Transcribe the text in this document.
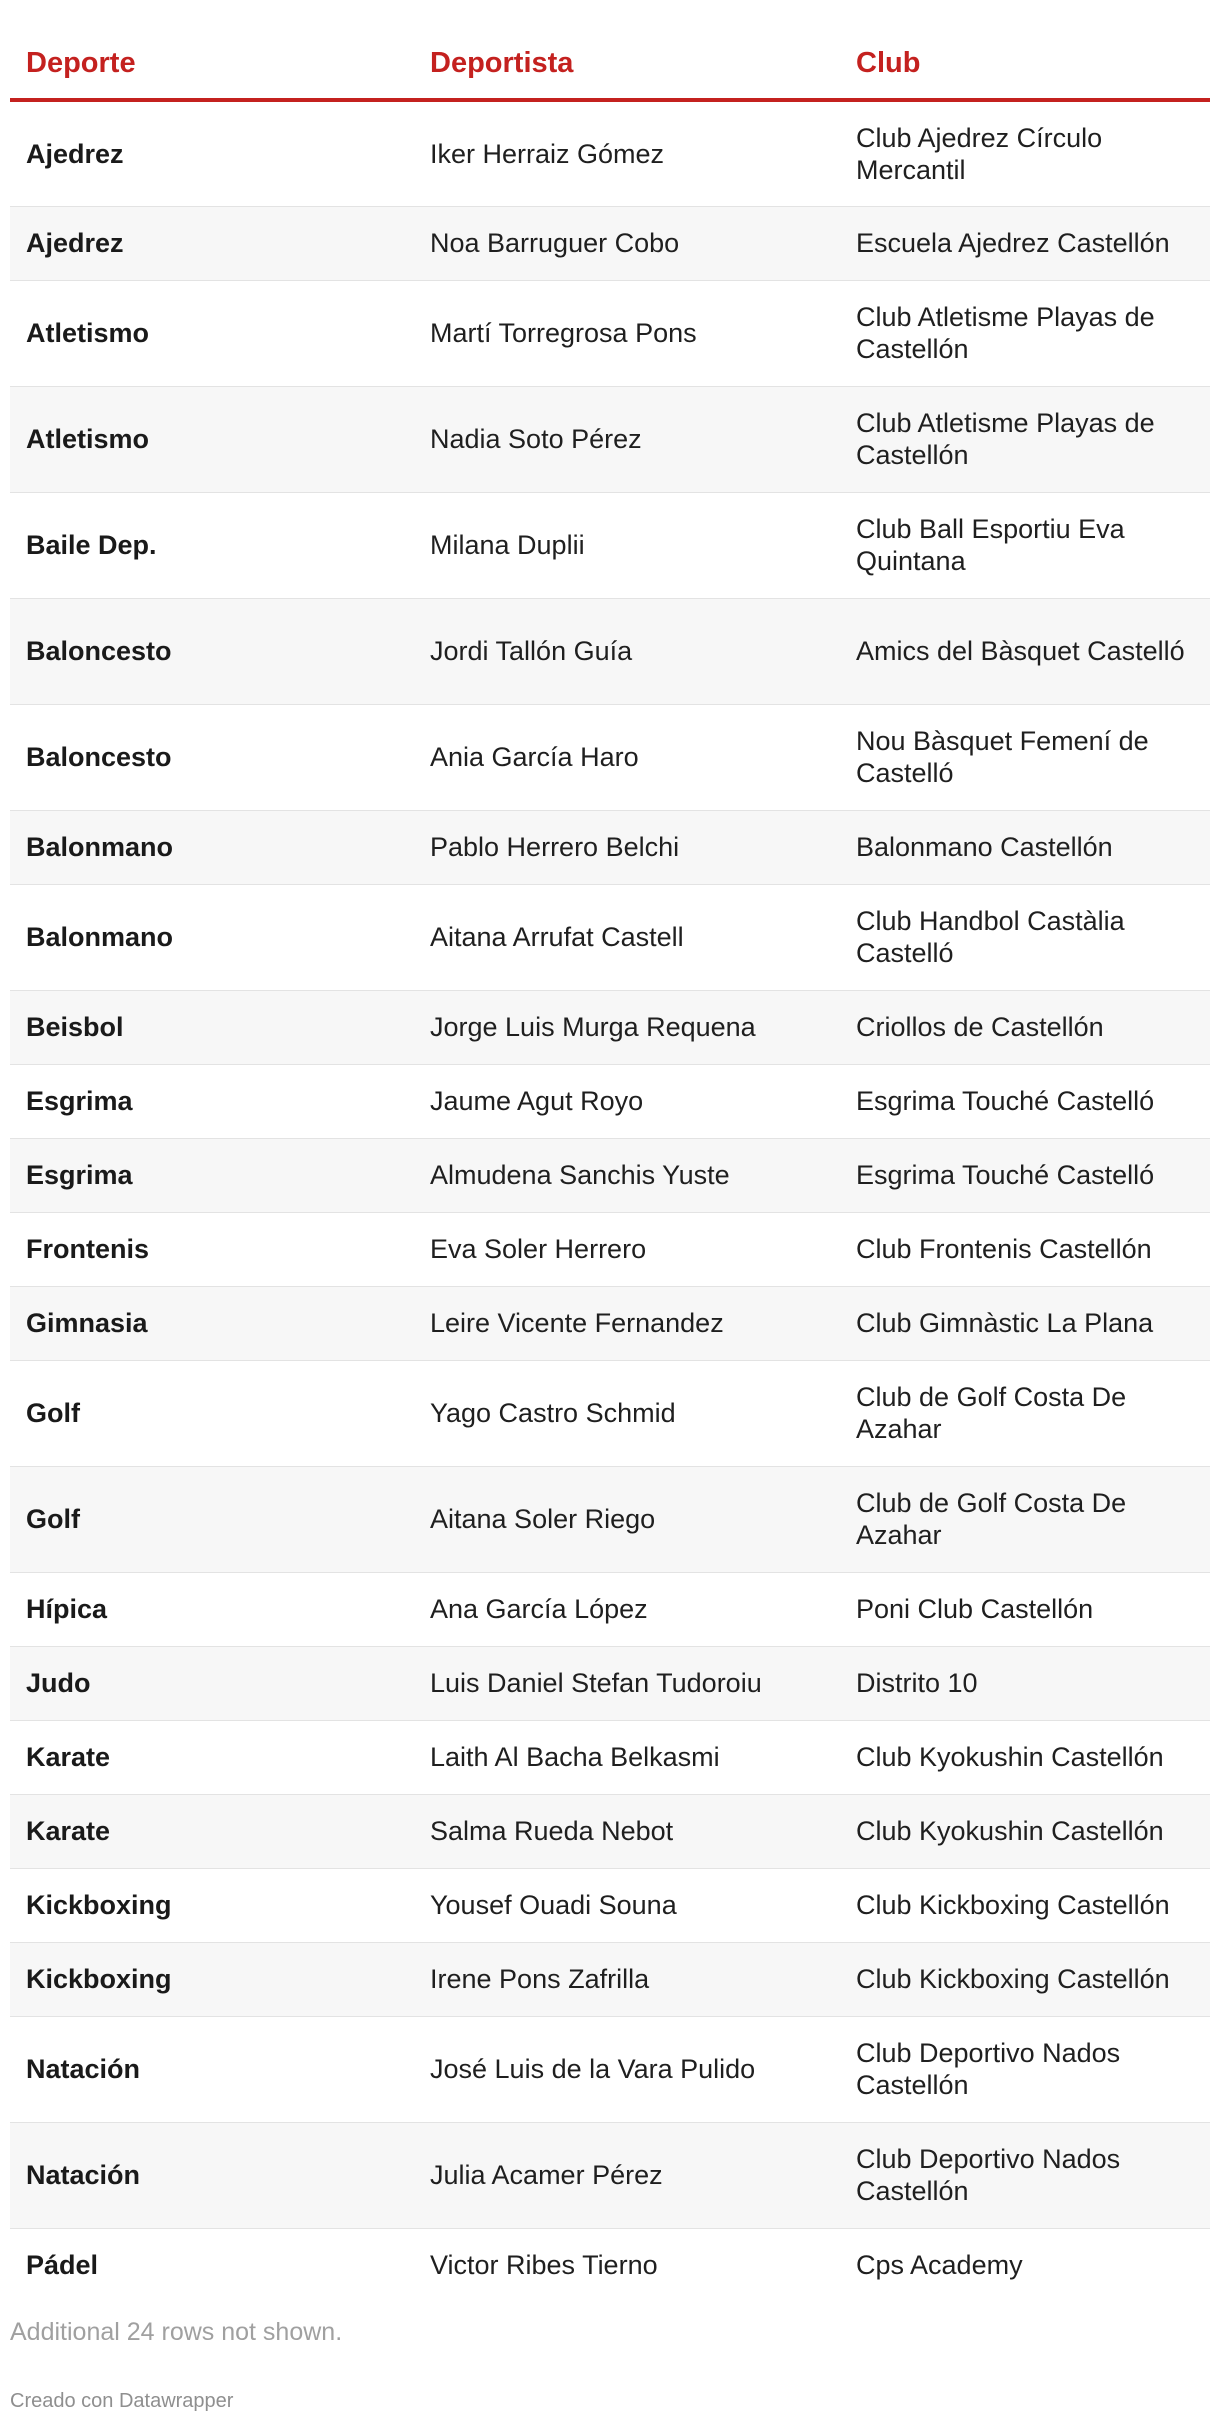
Deporte	Deportista	Club
Ajedrez	Iker Herraiz Gómez	Club Ajedrez Círculo Mercantil
Ajedrez	Noa Barruguer Cobo	Escuela Ajedrez Castellón
Atletismo	Martí Torregrosa Pons	Club Atletisme Playas de Castellón
Atletismo	Nadia Soto Pérez	Club Atletisme Playas de Castellón
Baile Dep.	Milana Duplii	Club Ball Esportiu Eva Quintana
Baloncesto	Jordi Tallón Guía	Amics del Bàsquet Castelló
Baloncesto	Ania García Haro	Nou Bàsquet Femení de Castelló
Balonmano	Pablo Herrero Belchi	Balonmano Castellón
Balonmano	Aitana Arrufat Castell	Club Handbol Castàlia Castelló
Beisbol	Jorge Luis Murga Requena	Criollos de Castellón
Esgrima	Jaume Agut Royo	Esgrima Touché Castelló
Esgrima	Almudena Sanchis Yuste	Esgrima Touché Castelló
Frontenis	Eva Soler Herrero	Club Frontenis Castellón
Gimnasia	Leire Vicente Fernandez	Club Gimnàstic La Plana
Golf	Yago Castro Schmid	Club de Golf Costa De Azahar
Golf	Aitana Soler Riego	Club de Golf Costa De Azahar
Hípica	Ana García López	Poni Club Castellón
Judo	Luis Daniel Stefan Tudoroiu	Distrito 10
Karate	Laith Al Bacha Belkasmi	Club Kyokushin Castellón
Karate	Salma Rueda Nebot	Club Kyokushin Castellón
Kickboxing	Yousef Ouadi Souna	Club Kickboxing Castellón
Kickboxing	Irene Pons Zafrilla	Club Kickboxing Castellón
Natación	José Luis de la Vara Pulido	Club Deportivo Nados Castellón
Natación	Julia Acamer Pérez	Club Deportivo Nados Castellón
Pádel	Victor Ribes Tierno	Cps Academy
Additional 24 rows not shown.
Creado con Datawrapper
